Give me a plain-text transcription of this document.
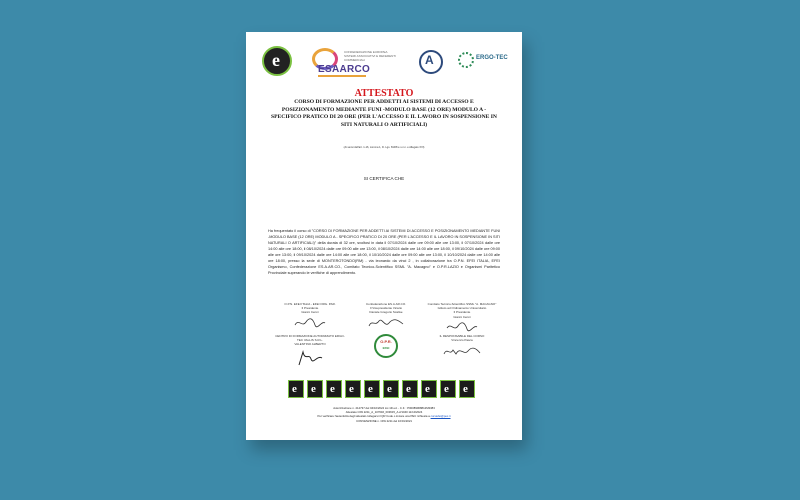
e	CONFEDERAZIONE EUROPEA SISTEMI ASSOCIATIVI E REFERENTI COMMERCIALI
ESAARCO
A	ERGO-TEC
ATTESTATO
CORSO DI FORMAZIONE PER ADDETTI AI SISTEMI DI ACCESSO E POSIZIONAMENTO MEDIANTE FUNI -MODULO BASE (12 ORE) MODULO A - SPECIFICO PRATICO DI 20 ORE (PER L'ACCESSO E IL LAVORO IN SOSPENSIONE IN SITI NATURALI O ARTIFICIALI)
(Ai sensi dell'art. 1-16, comma 1, D. Lgs. 81/08 e s.m.i. e Allegato XXI)
SI CERTIFICA CHE
Ha frequentato il corso di "CORSO DI FORMAZIONE PER ADDETTI AI SISTEMI DI ACCESSO E POSIZIONAMENTO MEDIANTE FUNI -MODULO BASE (12 ORE) MODULO A - SPECIFICO PRATICO DI 20 ORE (PER L'ACCESSO E IL LAVORO IN SOSPENSIONE IN SITI NATURALI O ARTIFICIALI)" della durata di 32 ore, svoltosi in data il 07/10/2024 dalle ore 09:00 alle ore 13:00, il 07/10/2024 dalle ore 14:00 alle ore 18:00, il 08/10/2024 dalle ore 09:00 alle ore 13:00, il 08/10/2024 dalle ore 14:00 alle ore 18:00, il 09/10/2024 dalle ore 09:00 alle ore 13:00, il 09/10/2024 dalle ore 14:00 alle ore 18:00, il 10/10/2024 dalle ore 09:00 alle ore 13:00, il 10/10/2024 dalle ore 14:00 alle ore 18:00, presso la sede di MONTEROTONDO(RM) - via leonardo da vinci 2 , in collaborazione tra O.P.N. EFEI ITALIA, EFEI Organismo, Confederazione ES.A.AR.CO., Comitato Tecnico-Scientifico SSML "A. Macagno" e O.P.R.LAZIO e Organismi Paritetico Provinciale superando le verifiche di apprendimento.
O.P.N. EFEI ITALIA - EFEI ORG. PAR.
Il Presidente
Gianni Cenni
Confederazione ES.A.AR.CO.
Il Vicepresidente Vicario
Daniele Gregorio Scalise
Comitato Tecnico-Scientifico SSML "A. MACAGNO" Istituto ad Ordinamento Universitario
Il Presidente
Gianni Cenni
CENTRO DI FORMAZIONE AUTORIZZATO ERGO-TEC VALLIS S.R.L.
VALENTINO ALBERTO
O.P.R.
EFEI
IL RESPONSABILE DEL CORSO
Vincenzo Pasca
e e e e e e e e e e
Autorizzazione n. 214737 del 04/10/2024 Lic.1D ed. - C.F. : P00089068812M3383
Attestato CPA 2211_A_107646_003615_A.2/1040 11/10/2024
Per verificare l'autenticità degli attestati collegarsi il QR Code o inviare una PEC richiesta a corsiefei@pec.it
CONVENZIONE n. CPA 2211 del 10/01/2021
